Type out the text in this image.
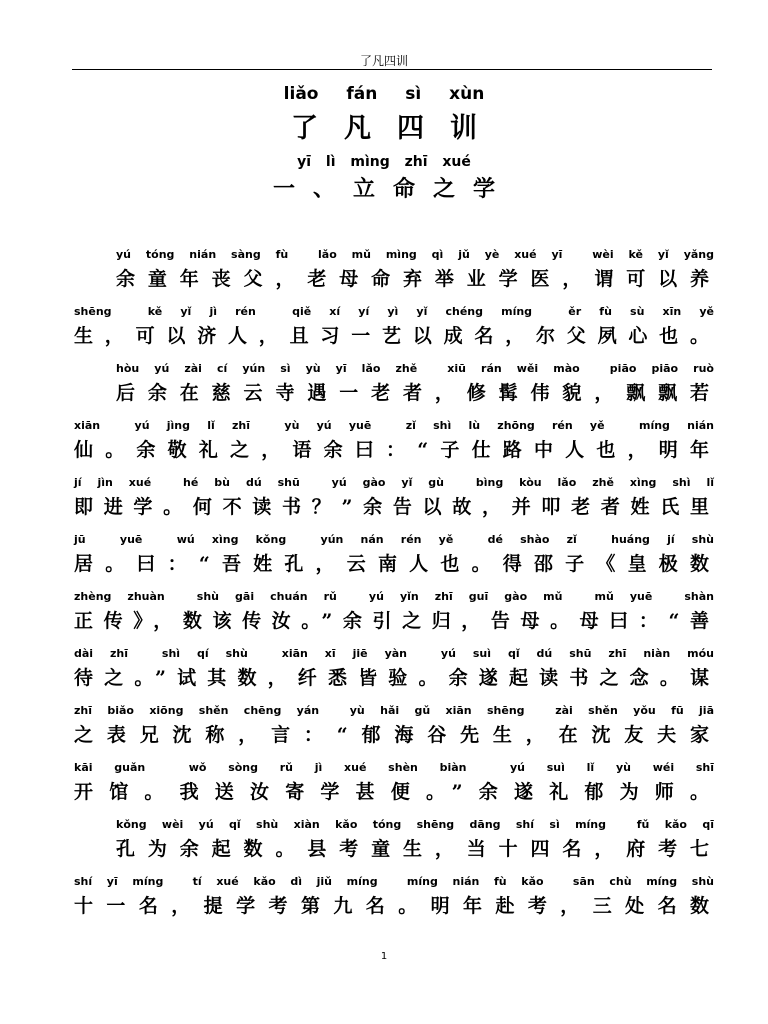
了凡四训
liǎo fán sì xùn
了凡四训
yī lì mìng zhī xué
一、立命之学
yú tóng nián sàng fù  lǎo mǔ mìng qì jǔ yè xué yī  wèi kě yǐ yǎng
余童年丧父，老母命弃举业学医，谓可以养
shēng  kě yǐ jì rén  qiě xí yí yì yǐ chéng míng  ěr fù sù xīn yě
生，可以济人，且习一艺以成名，尔父夙心也。
hòu yú zài cí yún sì yù yī lǎo zhě  xiū rán wěi mào  piāo piāo ruò
后余在慈云寺遇一老者，修髯伟貌，飘飘若
xiān  yú jìng lǐ zhī  yù yú yuē  zǐ shì lù zhōng rén yě  míng nián
仙。余敬礼之，语余曰：“子仕路中人也，明年
jí jìn xué  hé bù dú shū  yú gào yǐ gù  bìng kòu lǎo zhě xìng shì lǐ
即进学。何不读书？”余告以故，并叩老者姓氏里
jū  yuē  wú xìng kǒng  yún nán rén yě  dé shào zǐ  huáng jí shù
居。曰：“吾姓孔，云南人也。得邵子《皇极数
zhèng zhuàn  shù gāi chuán rǔ  yú yǐn zhī guī gào mǔ  mǔ yuē  shàn
正传》，数该传汝。”余引之归，告母。母曰：“善
dài zhī  shì qí shù  xiān xī jiē yàn  yú suì qǐ dú shū zhī niàn móu
待之。”试其数，纤悉皆验。余遂起读书之念。谋
zhī biǎo xiōng shěn chēng yán  yù hǎi gǔ xiān shēng  zài shěn yǒu fū jiā
之表兄沈称，言：“郁海谷先生，在沈友夫家
kāi guǎn  wǒ sòng rǔ jì xué shèn biàn  yú suì lǐ yù wéi shī
开馆。我送汝寄学甚便。”余遂礼郁为师。
kǒng wèi yú qǐ shù xiàn kǎo tóng shēng dāng shí sì míng  fǔ kǎo qī
孔为余起数。县考童生，当十四名，府考七
shí yī míng  tí xué kǎo dì jiǔ míng  míng nián fù kǎo  sān chù míng shù
十一名，提学考第九名。明年赴考，三处名数
1
